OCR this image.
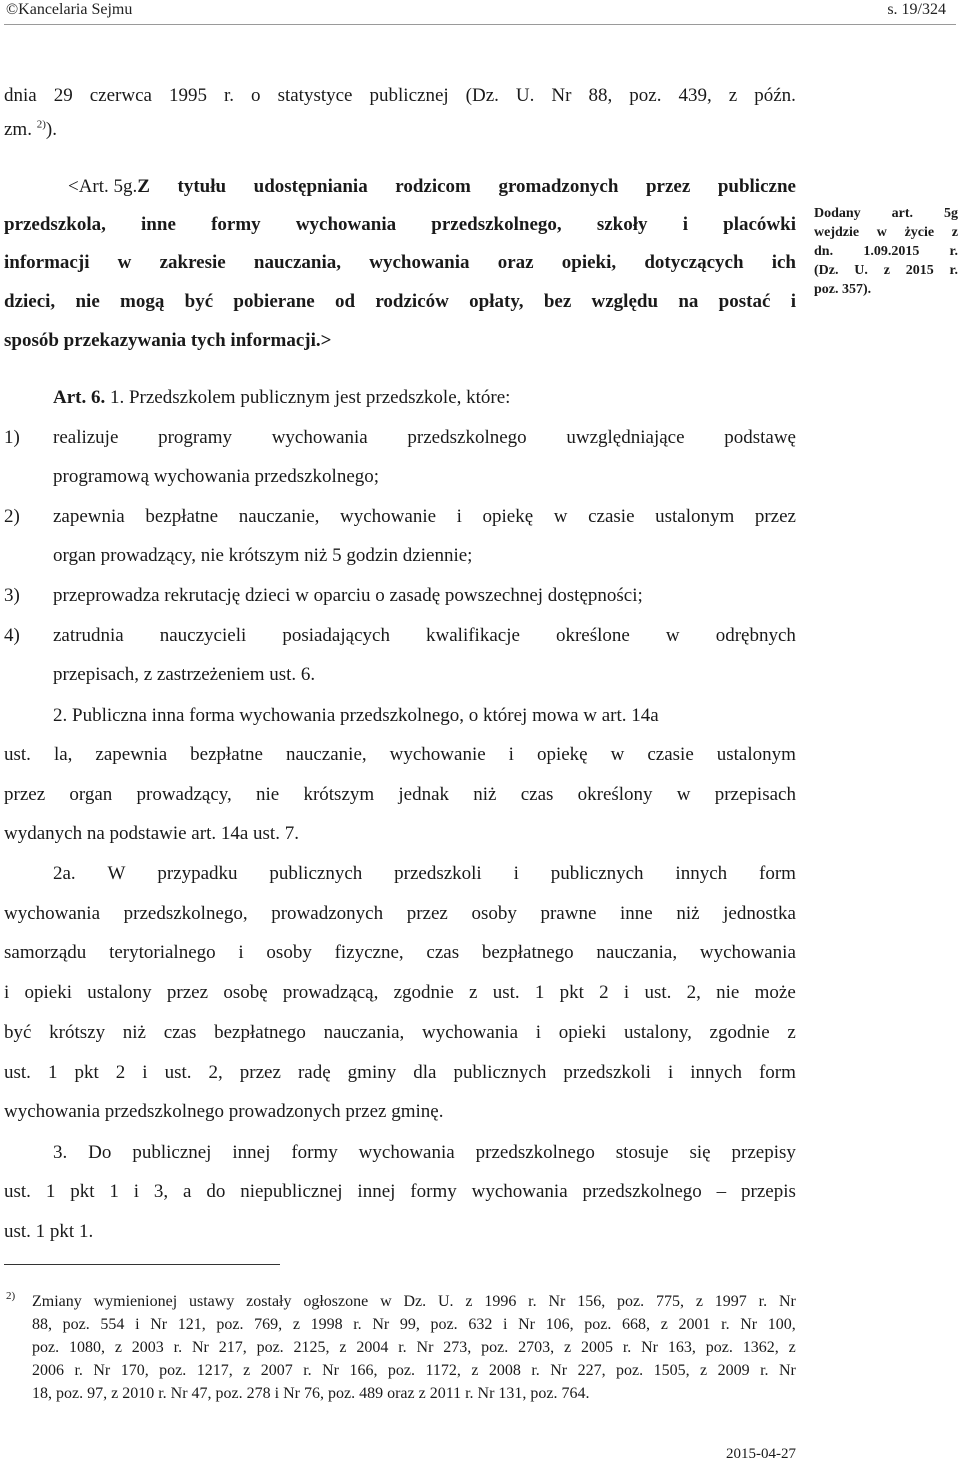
©Kancelaria Sejmu	s. 19/324
dnia 29 czerwca 1995 r. o statystyce publicznej (Dz. U. Nr 88, poz. 439, z późn.
zm. $^{2)}$).
<Art. 5g. Z tytułu udostępniania rodzicom gromadzonych przez publiczne
przedszkola, inne formy wychowania przedszkolnego, szkoły i placówki
informacji w zakresie nauczania, wychowania oraz opieki, dotyczących ich
dzieci, nie mogą być pobierane od rodziców opłaty, bez względu na postać i
sposób przekazywania tych informacji.>
Art. 6. 1. Przedszkolem publicznym jest przedszkole, które:
1) realizuje programy wychowania przedszkolnego uwzględniające podstawę
programową wychowania przedszkolnego;
2) zapewnia bezpłatne nauczanie, wychowanie i opiekę w czasie ustalonym przez
organ prowadzący, nie krótszym niż 5 godzin dziennie;
3) przeprowadza rekrutację dzieci w oparciu o zasadę powszechnej dostępności;
4) zatrudnia nauczycieli posiadających kwalifikacje określone w odrębnych
przepisach, z zastrzeżeniem ust. 6.
2. Publiczna inna forma wychowania przedszkolnego, o której mowa w art. 14a
ust. la, zapewnia bezpłatne nauczanie, wychowanie i opiekę w czasie ustalonym
przez organ prowadzący, nie krótszym jednak niż czas określony w przepisach
wydanych na podstawie art. 14a ust. 7.
2a. W przypadku publicznych przedszkoli i publicznych innych form
wychowania przedszkolnego, prowadzonych przez osoby prawne inne niż jednostka
samorządu terytorialnego i osoby fizyczne, czas bezpłatnego nauczania, wychowania
i opieki ustalony przez osobę prowadzącą, zgodnie z ust. 1 pkt 2 i ust. 2, nie może
być krótszy niż czas bezpłatnego nauczania, wychowania i opieki ustalony, zgodnie z
ust. 1 pkt 2 i ust. 2, przez radę gminy dla publicznych przedszkoli i innych form
wychowania przedszkolnego prowadzonych przez gminę.
3. Do publicznej innej formy wychowania przedszkolnego stosuje się przepisy
ust. 1 pkt 1 i 3, a do niepublicznej innej formy wychowania przedszkolnego – przepis
ust. 1 pkt 1.
Dodany art. 5g
wejdzie w życie z
dn. 1.09.2015 r.
(Dz. U. z 2015 r.
poz. 357).
2) Zmiany wymienionej ustawy zostały ogłoszone w Dz. U. z 1996 r. Nr 156, poz. 775, z 1997 r. Nr
88, poz. 554 i Nr 121, poz. 769, z 1998 r. Nr 99, poz. 632 i Nr 106, poz. 668, z 2001 r. Nr 100,
poz. 1080, z 2003 r. Nr 217, poz. 2125, z 2004 r. Nr 273, poz. 2703, z 2005 r. Nr 163, poz. 1362, z
2006 r. Nr 170, poz. 1217, z 2007 r. Nr 166, poz. 1172, z 2008 r. Nr 227, poz. 1505, z 2009 r. Nr
18, poz. 97, z 2010 r. Nr 47, poz. 278 i Nr 76, poz. 489 oraz z 2011 r. Nr 131, poz. 764.
2015-04-27
